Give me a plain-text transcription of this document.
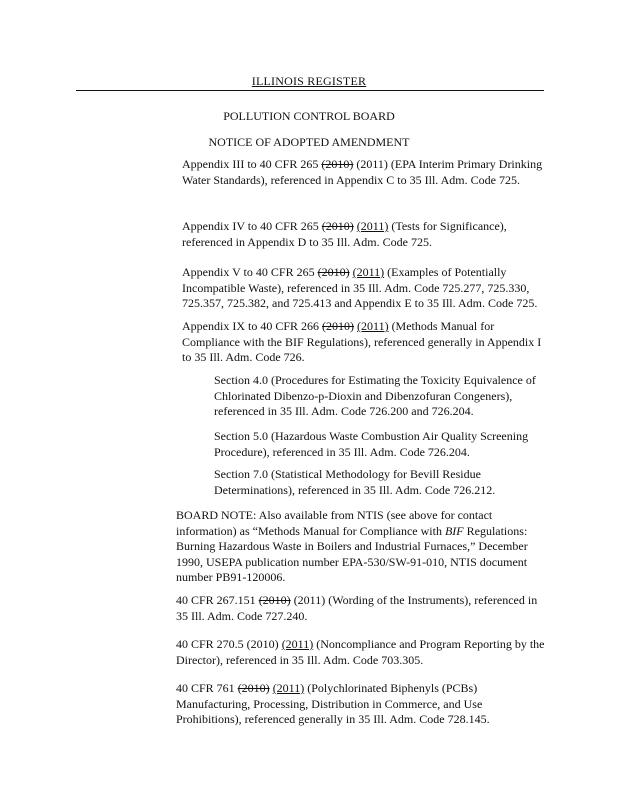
ILLINOIS REGISTER
POLLUTION CONTROL BOARD
NOTICE OF ADOPTED AMENDMENT

Appendix III to 40 CFR 265 (2010) (2011) (EPA Interim Primary Drinking Water Standards), referenced in Appendix C to 35 Ill. Adm. Code 725.

Appendix IV to 40 CFR 265 (2010) (2011) (Tests for Significance), referenced in Appendix D to 35 Ill. Adm. Code 725.

Appendix V to 40 CFR 265 (2010) (2011) (Examples of Potentially Incompatible Waste), referenced in 35 Ill. Adm. Code 725.277, 725.330, 725.357, 725.382, and 725.413 and Appendix E to 35 Ill. Adm. Code 725.

Appendix IX to 40 CFR 266 (2010) (2011) (Methods Manual for Compliance with the BIF Regulations), referenced generally in Appendix I to 35 Ill. Adm. Code 726.

Section 4.0 (Procedures for Estimating the Toxicity Equivalence of Chlorinated Dibenzo-p-Dioxin and Dibenzofuran Congeners), referenced in 35 Ill. Adm. Code 726.200 and 726.204.

Section 5.0 (Hazardous Waste Combustion Air Quality Screening Procedure), referenced in 35 Ill. Adm. Code 726.204.

Section 7.0 (Statistical Methodology for Bevill Residue Determinations), referenced in 35 Ill. Adm. Code 726.212.

BOARD NOTE: Also available from NTIS (see above for contact information) as “Methods Manual for Compliance with BIF Regulations: Burning Hazardous Waste in Boilers and Industrial Furnaces,” December 1990, USEPA publication number EPA-530/SW-91-010, NTIS document number PB91-120006.

40 CFR 267.151 (2010) (2011) (Wording of the Instruments), referenced in 35 Ill. Adm. Code 727.240.

40 CFR 270.5 (2010) (2011) (Noncompliance and Program Reporting by the Director), referenced in 35 Ill. Adm. Code 703.305.

40 CFR 761 (2010) (2011) (Polychlorinated Biphenyls (PCBs) Manufacturing, Processing, Distribution in Commerce, and Use Prohibitions), referenced generally in 35 Ill. Adm. Code 728.145.
